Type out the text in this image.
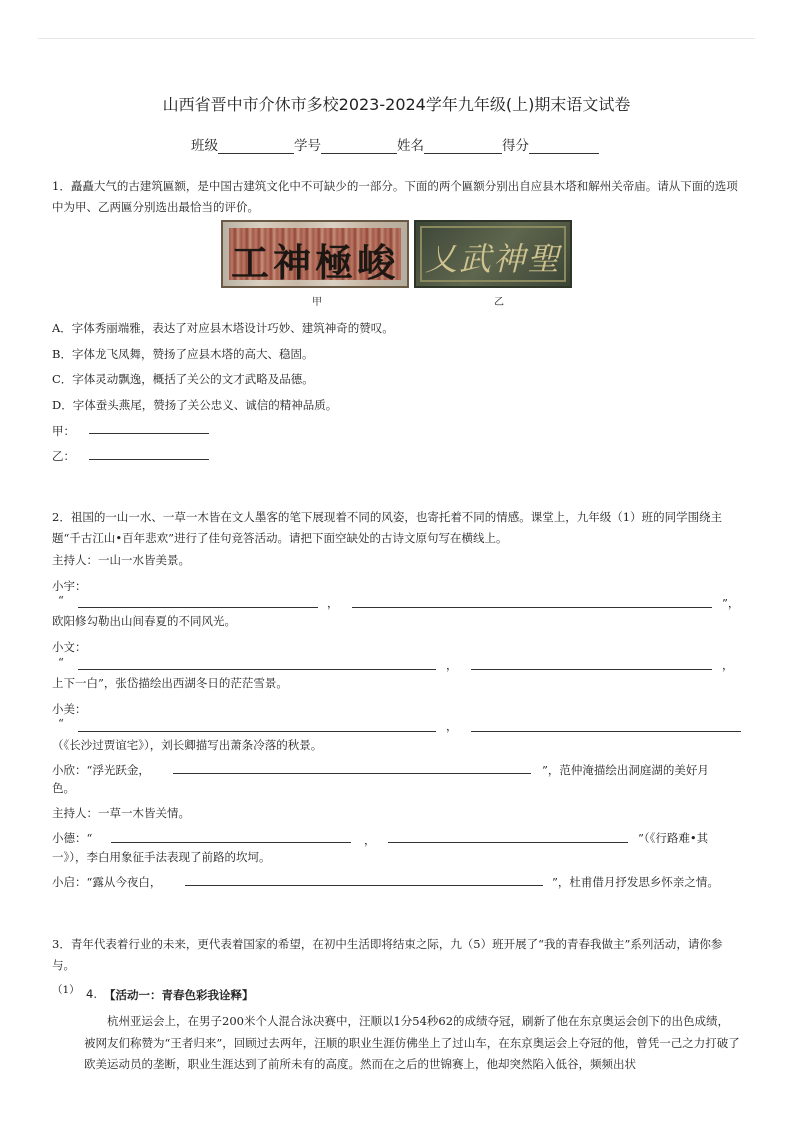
山西省晋中市介休市多校2023-2024学年九年级(上)期末语文试卷
班级	学号	姓名	得分
1．矗矗大气的古建筑匾额，是中国古建筑文化中不可缺少的一部分。下面的两个匾额分别出自应县木塔和解州关帝庙。请从下面的选项中为甲、乙两匾分别选出最恰当的评价。
工神極峻 乂武神聖
甲	乙
A．字体秀丽端雅，表达了对应县木塔设计巧妙、建筑神奇的赞叹。
B．字体龙飞凤舞，赞扬了应县木塔的高大、稳固。
C．字体灵动飘逸，概括了关公的文才武略及品德。
D．字体蚕头燕尾，赞扬了关公忠义、诚信的精神品质。
甲：
乙：
2．祖国的一山一水、一草一木皆在文人墨客的笔下展现着不同的风姿，也寄托着不同的情感。课堂上，九年级（1）班的同学围绕主题“千古江山•百年悲欢”进行了佳句竞答活动。请把下面空缺处的古诗文原句写在横线上。
主持人：一山一水皆美景。
小宇：
“	，	”，
欧阳修勾勒出山间春夏的不同风光。
小文：
“	，	，
上下一白”，张岱描绘出西湖冬日的茫茫雪景。
小美：
“	，
（《长沙过贾谊宅》），刘长卿描写出萧条冷落的秋景。
小欣：“浮光跃金，	”，范仲淹描绘出洞庭湖的美好月
色。
主持人：一草一木皆关情。
小德：“	，	”（《行路难•其
一》），李白用象征手法表现了前路的坎坷。
小启：“露从今夜白，	”，杜甫借月抒发思乡怀亲之情。
3．青年代表着行业的未来，更代表着国家的希望，在初中生活即将结束之际，九（5）班开展了“我的青春我做主”系列活动，请你参与。
（1） 4. 【活动一：青春色彩我诠释】
杭州亚运会上，在男子200米个人混合泳决赛中，汪顺以1分54秒62的成绩夺冠，刷新了他在东京奥运会创下的出色成绩，被网友们称赞为“王者归来”，回顾过去两年，汪顺的职业生涯仿佛坐上了过山车，在东京奥运会上夺冠的他，曾凭一己之力打破了欧美运动员的垄断，职业生涯达到了前所未有的高度。然而在之后的世锦赛上，他却突然陷入低谷，频频出状
